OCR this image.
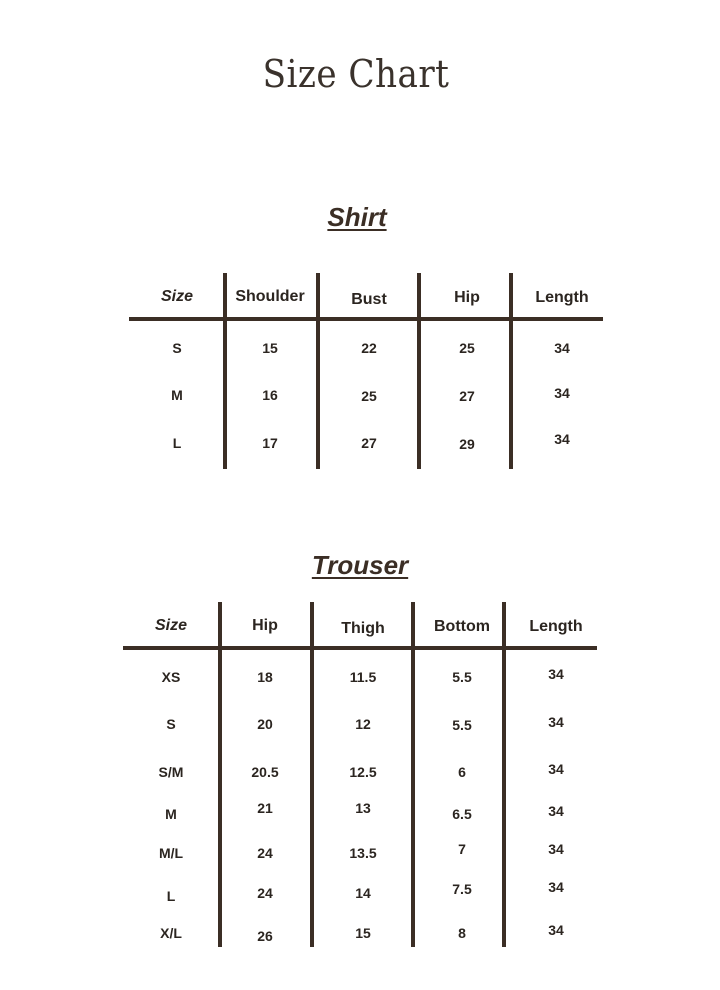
Size Chart
Shirt
Size	Shoulder	Bust	Hip	Length
S	15	22	25	34
M	16	25	27	34
L	17	27	29	34
Trouser
Size	Hip	Thigh	Bottom	Length
XS	18	11.5	5.5	34
S	20	12	5.5	34
S/M	20.5	12.5	6	34
M	21	13	6.5	34
M/L	24	13.5	7	34
L	24	14	7.5	34
X/L	26	15	8	34
